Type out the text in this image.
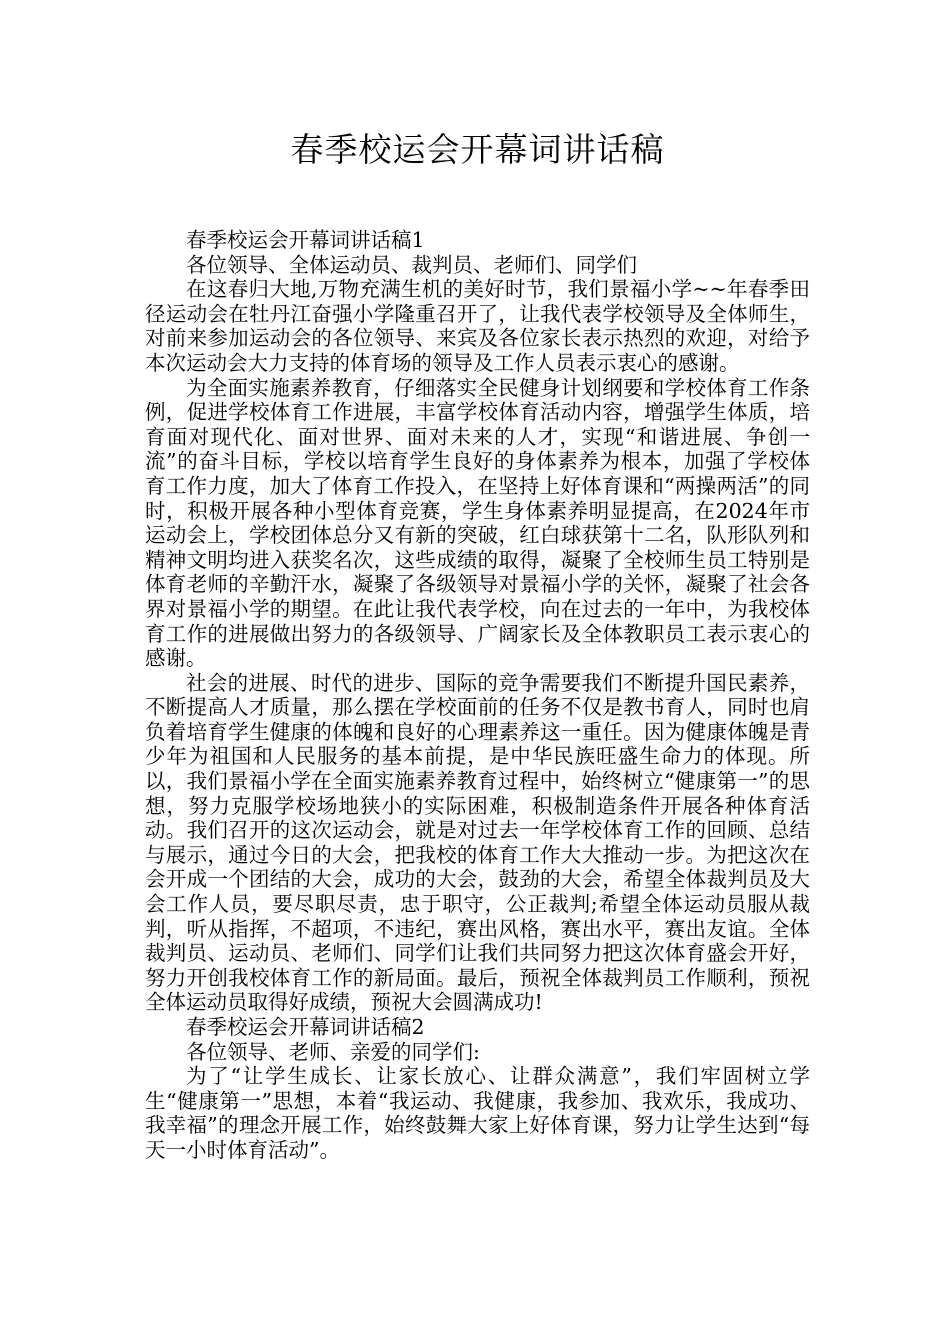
春季校运会开幕词讲话稿

春季校运会开幕词讲话稿1

各位领导、全体运动员、裁判员、老师们、同学们

在这春归大地,万物充满生机的美好时节，我们景福小学~~年春季田径运动会在牡丹江奋强小学隆重召开了，让我代表学校领导及全体师生，对前来参加运动会的各位领导、来宾及各位家长表示热烈的欢迎，对给予本次运动会大力支持的体育场的领导及工作人员表示衷心的感谢。

为全面实施素养教育，仔细落实全民健身计划纲要和学校体育工作条例，促进学校体育工作进展，丰富学校体育活动内容，增强学生体质，培育面对现代化、面对世界、面对未来的人才，实现“和谐进展、争创一流”的奋斗目标，学校以培育学生良好的身体素养为根本，加强了学校体育工作力度，加大了体育工作投入，在坚持上好体育课和“两操两活”的同时，积极开展各种小型体育竞赛，学生身体素养明显提高，在2024年市运动会上，学校团体总分又有新的突破，红白球获第十二名，队形队列和精神文明均进入获奖名次，这些成绩的取得，凝聚了全校师生员工特别是体育老师的辛勤汗水，凝聚了各级领导对景福小学的关怀，凝聚了社会各界对景福小学的期望。在此让我代表学校，向在过去的一年中，为我校体育工作的进展做出努力的各级领导、广阔家长及全体教职员工表示衷心的感谢。

社会的进展、时代的进步、国际的竞争需要我们不断提升国民素养，不断提高人才质量，那么摆在学校面前的任务不仅是教书育人，同时也肩负着培育学生健康的体魄和良好的心理素养这一重任。因为健康体魄是青少年为祖国和人民服务的基本前提，是中华民族旺盛生命力的体现。所以，我们景福小学在全面实施素养教育过程中，始终树立“健康第一”的思想，努力克服学校场地狭小的实际困难，积极制造条件开展各种体育活动。我们召开的这次运动会，就是对过去一年学校体育工作的回顾、总结与展示，通过今日的大会，把我校的体育工作大大推动一步。为把这次在会开成一个团结的大会，成功的大会，鼓劲的大会，希望全体裁判员及大会工作人员，要尽职尽责，忠于职守，公正裁判;希望全体运动员服从裁判，听从指挥，不超项，不违纪，赛出风格，赛出水平，赛出友谊。全体裁判员、运动员、老师们、同学们让我们共同努力把这次体育盛会开好，努力开创我校体育工作的新局面。最后，预祝全体裁判员工作顺利，预祝全体运动员取得好成绩，预祝大会圆满成功!

春季校运会开幕词讲话稿2

各位领导、老师、亲爱的同学们:

为了“让学生成长、让家长放心、让群众满意”，我们牢固树立学生“健康第一”思想，本着“我运动、我健康，我参加、我欢乐，我成功、我幸福”的理念开展工作，始终鼓舞大家上好体育课，努力让学生达到“每天一小时体育活动”。
